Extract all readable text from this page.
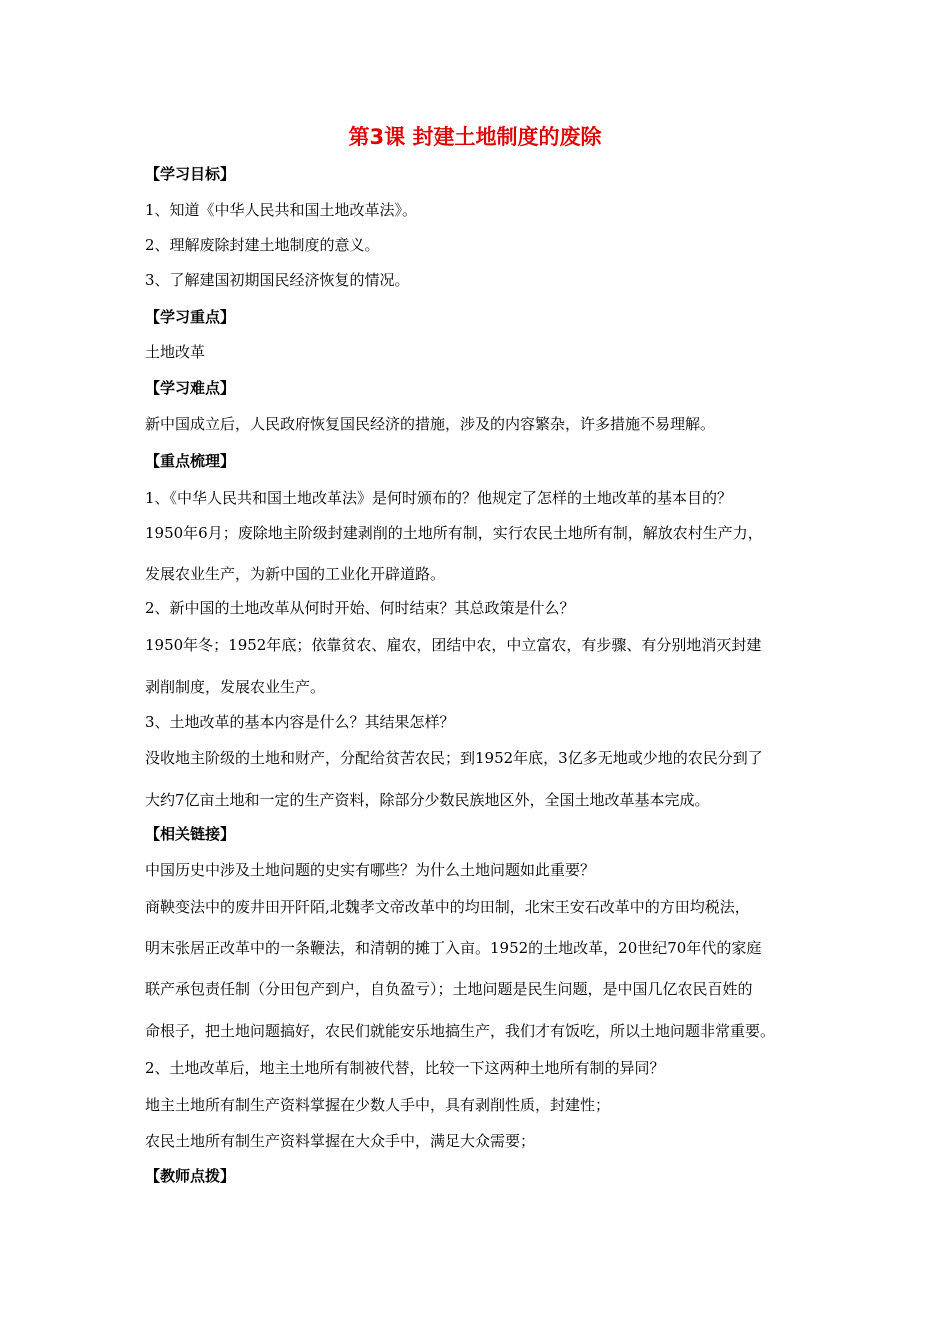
第3课 封建土地制度的废除
【学习目标】
1、知道《中华人民共和国土地改革法》。
2、理解废除封建土地制度的意义。
3、了解建国初期国民经济恢复的情况。
【学习重点】
土地改革
【学习难点】
新中国成立后，人民政府恢复国民经济的措施，涉及的内容繁杂，许多措施不易理解。
【重点梳理】
1、《中华人民共和国土地改革法》是何时颁布的？他规定了怎样的土地改革的基本目的？
1950年6月；废除地主阶级封建剥削的土地所有制，实行农民土地所有制，解放农村生产力，
发展农业生产，为新中国的工业化开辟道路。
2、新中国的土地改革从何时开始、何时结束？其总政策是什么？
1950年冬；1952年底；依靠贫农、雇农，团结中农，中立富农，有步骤、有分别地消灭封建
剥削制度，发展农业生产。
3、土地改革的基本内容是什么？其结果怎样？
没收地主阶级的土地和财产，分配给贫苦农民；到1952年底，3亿多无地或少地的农民分到了
大约7亿亩土地和一定的生产资料，除部分少数民族地区外，全国土地改革基本完成。
【相关链接】
中国历史中涉及土地问题的史实有哪些？为什么土地问题如此重要？
商鞅变法中的废井田开阡陌,北魏孝文帝改革中的均田制，北宋王安石改革中的方田均税法，
明末张居正改革中的一条鞭法，和清朝的摊丁入亩。1952的土地改革，20世纪70年代的家庭
联产承包责任制（分田包产到户，自负盈亏）；土地问题是民生问题，是中国几亿农民百姓的
命根子，把土地问题搞好，农民们就能安乐地搞生产，我们才有饭吃，所以土地问题非常重要。
2、土地改革后，地主土地所有制被代替，比较一下这两种土地所有制的异同？
地主土地所有制生产资料掌握在少数人手中，具有剥削性质，封建性；
农民土地所有制生产资料掌握在大众手中，满足大众需要；
【教师点拨】
